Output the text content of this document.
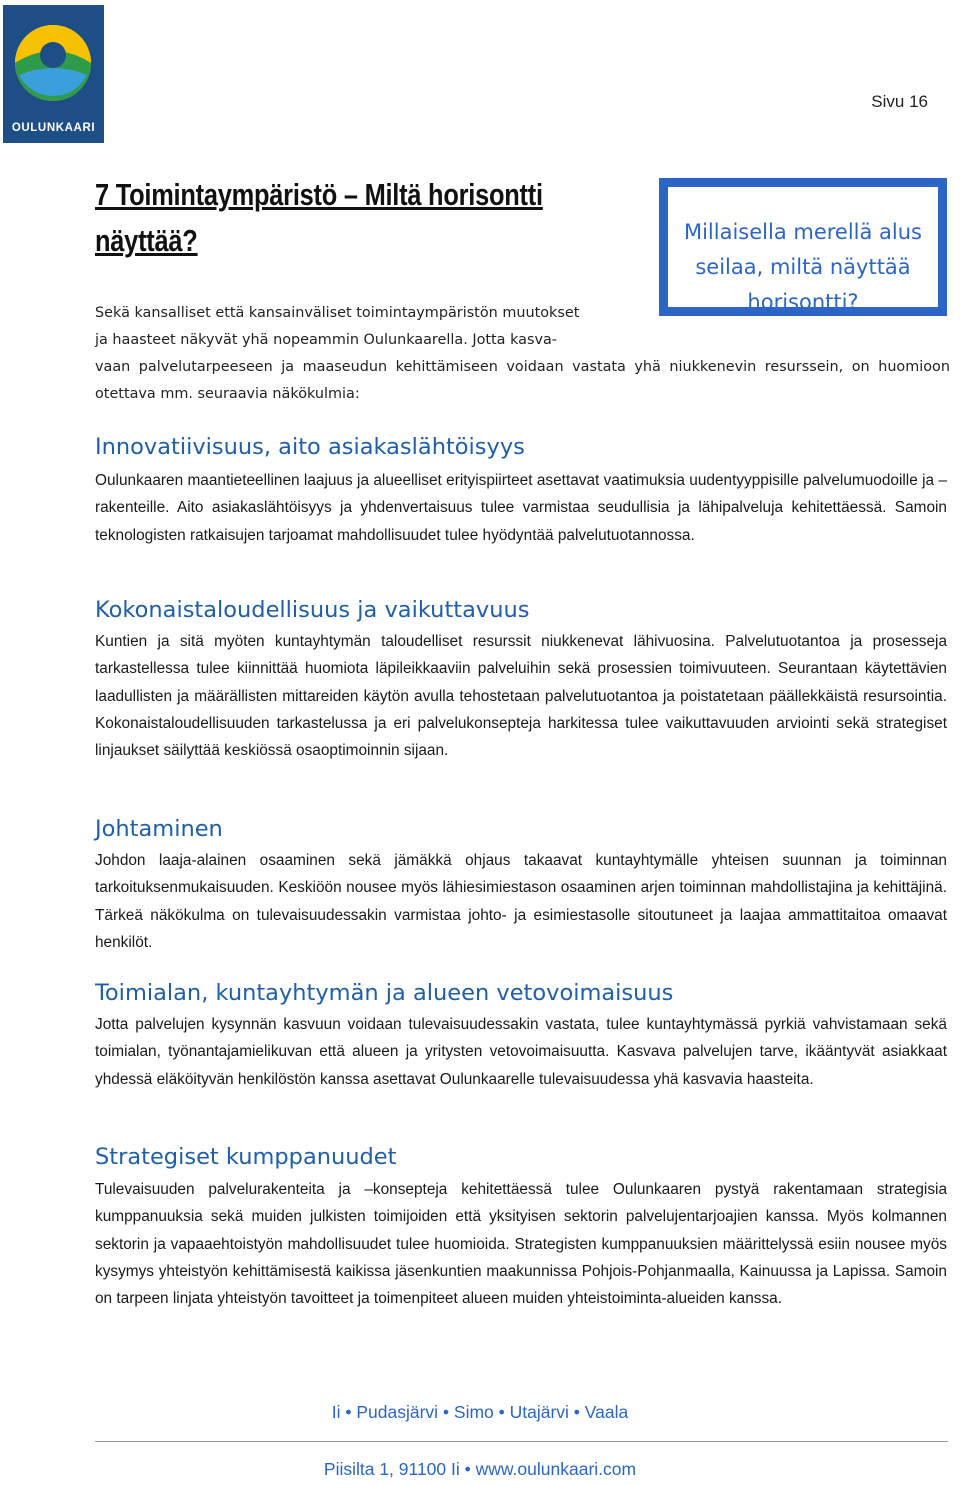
OULUNKAARI
Sivu 16
7 Toimintaympäristö – Miltä horisontti näyttää?	Millaisella merellä alus seilaa, miltä näyttää horisontti?
Sekä kansalliset että kansainväliset toimintaympäristön muutokset
ja haasteet näkyvät yhä nopeammin Oulunkaarella. Jotta kasva-
vaan palvelutarpeeseen ja maaseudun kehittämiseen voidaan vastata yhä niukkenevin resurssein, on huomioon otettava mm. seuraavia näkökulmia:
Innovatiivisuus, aito asiakaslähtöisyys

Oulunkaaren maantieteellinen laajuus ja alueelliset erityispiirteet asettavat vaatimuksia uudentyyppisille palvelumuodoille ja –rakenteille. Aito asiakaslähtöisyys ja yhdenvertaisuus tulee varmistaa seudullisia ja lähipalveluja kehitettäessä. Samoin teknologisten ratkaisujen tarjoamat mahdollisuudet tulee hyödyntää palvelutuotannossa.

Kokonaistaloudellisuus ja vaikuttavuus

Kuntien ja sitä myöten kuntayhtymän taloudelliset resurssit niukkenevat lähivuosina. Palvelutuotantoa ja prosesseja tarkastellessa tulee kiinnittää huomiota läpileikkaaviin palveluihin sekä prosessien toimivuuteen. Seurantaan käytettävien laadullisten ja määrällisten mittareiden käytön avulla tehostetaan palvelutuotantoa ja poistatetaan päällekkäistä resursointia. Kokonaistaloudellisuuden tarkastelussa ja eri palvelukonsepteja harkitessa tulee vaikuttavuuden arviointi sekä strategiset linjaukset säilyttää keskiössä osaoptimoinnin sijaan.

Johtaminen

Johdon laaja-alainen osaaminen sekä jämäkkä ohjaus takaavat kuntayhtymälle yhteisen suunnan ja toiminnan tarkoituksenmukaisuuden. Keskiöön nousee myös lähiesimiestason osaaminen arjen toiminnan mahdollistajina ja kehittäjinä. Tärkeä näkökulma on tulevaisuudessakin varmistaa johto- ja esimiestasolle sitoutuneet ja laajaa ammattitaitoa omaavat henkilöt.

Toimialan, kuntayhtymän ja alueen vetovoimaisuus

Jotta palvelujen kysynnän kasvuun voidaan tulevaisuudessakin vastata, tulee kuntayhtymässä pyrkiä vahvistamaan sekä toimialan, työnantajamielikuvan että alueen ja yritysten vetovoimaisuutta. Kasvava palvelujen tarve, ikääntyvät asiakkaat yhdessä eläköityvän henkilöstön kanssa asettavat Oulunkaarelle tulevaisuudessa yhä kasvavia haasteita.

Strategiset kumppanuudet

Tulevaisuuden palvelurakenteita ja –konsepteja kehitettäessä tulee Oulunkaaren pystyä rakentamaan strategisia kumppanuuksia sekä muiden julkisten toimijoiden että yksityisen sektorin palvelujentarjoajien kanssa. Myös kolmannen sektorin ja vapaaehtoistyön mahdollisuudet tulee huomioida. Strategisten kumppanuuksien määrittelyssä esiin nousee myös kysymys yhteistyön kehittämisestä kaikissa jäsenkuntien maakunnissa Pohjois-Pohjanmaalla, Kainuussa ja Lapissa. Samoin on tarpeen linjata yhteistyön tavoitteet ja toimenpiteet alueen muiden yhteistoiminta-alueiden kanssa.

Ii • Pudasjärvi • Simo • Utajärvi • Vaala
Piisilta 1, 91100 Ii • www.oulunkaari.com
